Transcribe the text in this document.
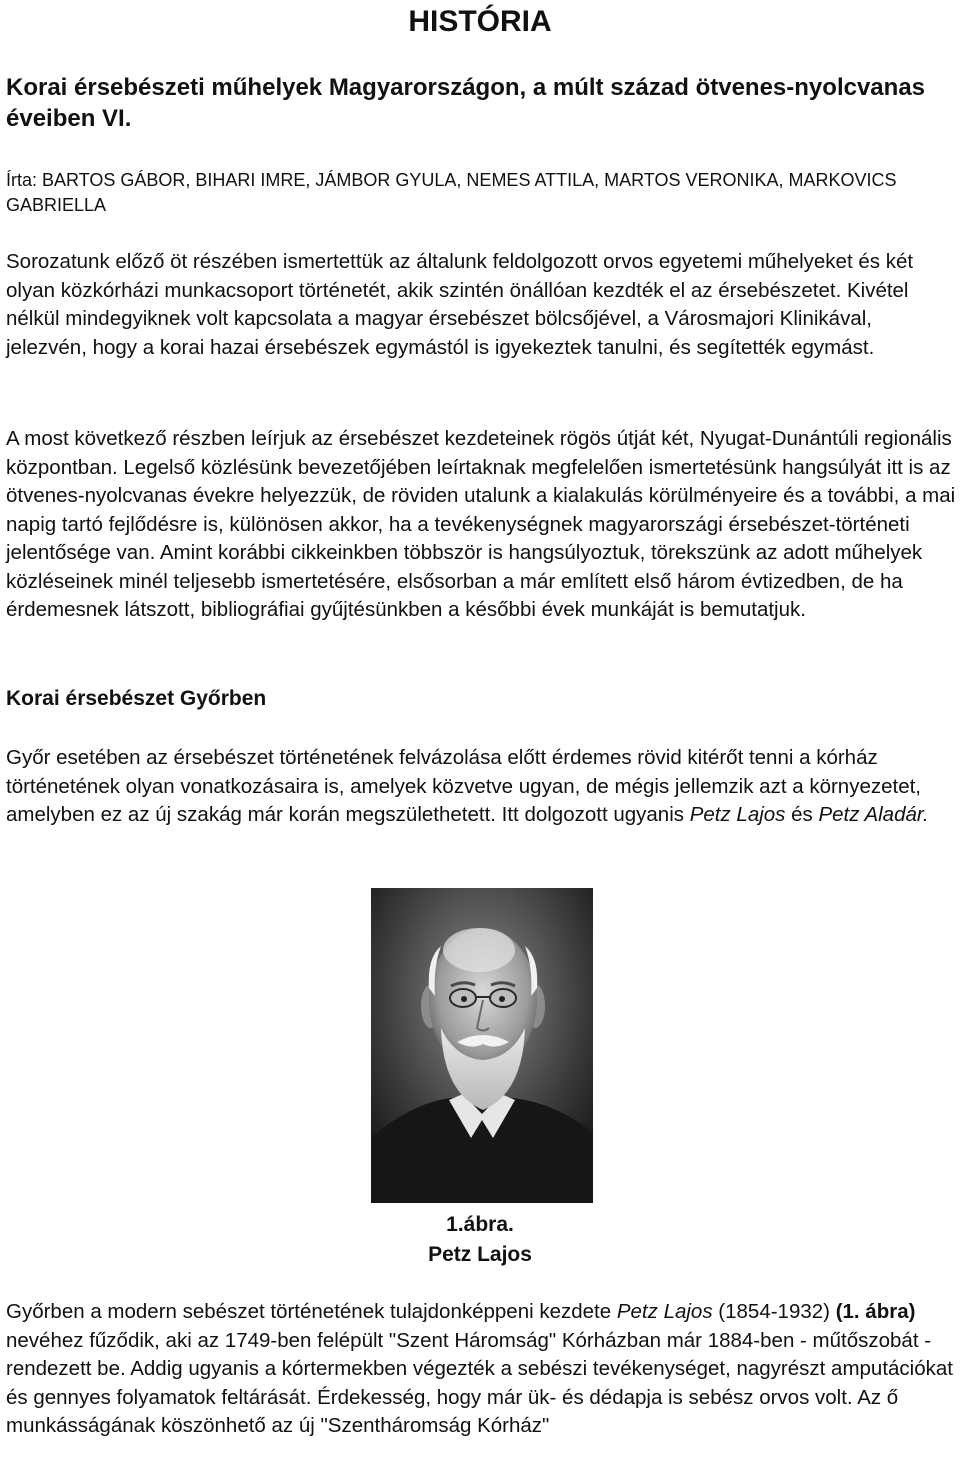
HISTÓRIA
Korai érsebészeti műhelyek Magyarországon, a múlt század ötvenes-nyolcvanas éveiben VI.

Írta: BARTOS GÁBOR, BIHARI IMRE, JÁMBOR GYULA, NEMES ATTILA, MARTOS VERONIKA, MARKOVICS GABRIELLA

Sorozatunk előző öt részében ismertettük az általunk feldolgozott orvos egyetemi műhelyeket és két olyan közkórházi munkacsoport történetét, akik szintén önállóan kezdték el az érsebészetet. Kivétel nélkül mindegyiknek volt kapcsolata a magyar érsebészet bölcsőjével, a Városmajori Klinikával, jelezvén, hogy a korai hazai érsebészek egymástól is igyekeztek tanulni, és segítették egymást.

A most következő részben leírjuk az érsebészet kezdeteinek rögös útját két, Nyugat-Dunántúli regionális központban. Legelső közlésünk bevezetőjében leírtaknak megfelelően ismertetésünk hangsúlyát itt is az ötvenes-nyolcvanas évekre helyezzük, de röviden utalunk a kialakulás körülményeire és a további, a mai napig tartó fejlődésre is, különösen akkor, ha a tevékenységnek magyarországi érsebészet-történeti jelentősége van. Amint korábbi cikkeinkben többször is hangsúlyoztuk, törekszünk az adott műhelyek közléseinek minél teljesebb ismertetésére, elsősorban a már említett első három évtizedben, de ha érdemesnek látszott, bibliográfiai gyűjtésünkben a későbbi évek munkáját is bemutatjuk.

Korai érsebészet Győrben

Győr esetében az érsebészet történetének felvázolása előtt érdemes rövid kitérőt tenni a kórház történetének olyan vonatkozásaira is, amelyek közvetve ugyan, de mégis jellemzik azt a környezetet, amelyben ez az új szakág már korán megszülethetett. Itt dolgozott ugyanis Petz Lajos és Petz Aladár.

1.ábra.
Petz Lajos

Győrben a modern sebészet történetének tulajdonképpeni kezdete Petz Lajos (1854-1932) (1. ábra) nevéhez fűződik, aki az 1749-ben felépült "Szent Háromság" Kórházban már 1884-ben - műtőszobát - rendezett be. Addig ugyanis a kórtermekben végezték a sebészi tevékenységet, nagyrészt amputációkat és gennyes folyamatok feltárását. Érdekesség, hogy már ük- és dédapja is sebész orvos volt. Az ő munkásságának köszönhető az új "Szentháromság Kórház"
